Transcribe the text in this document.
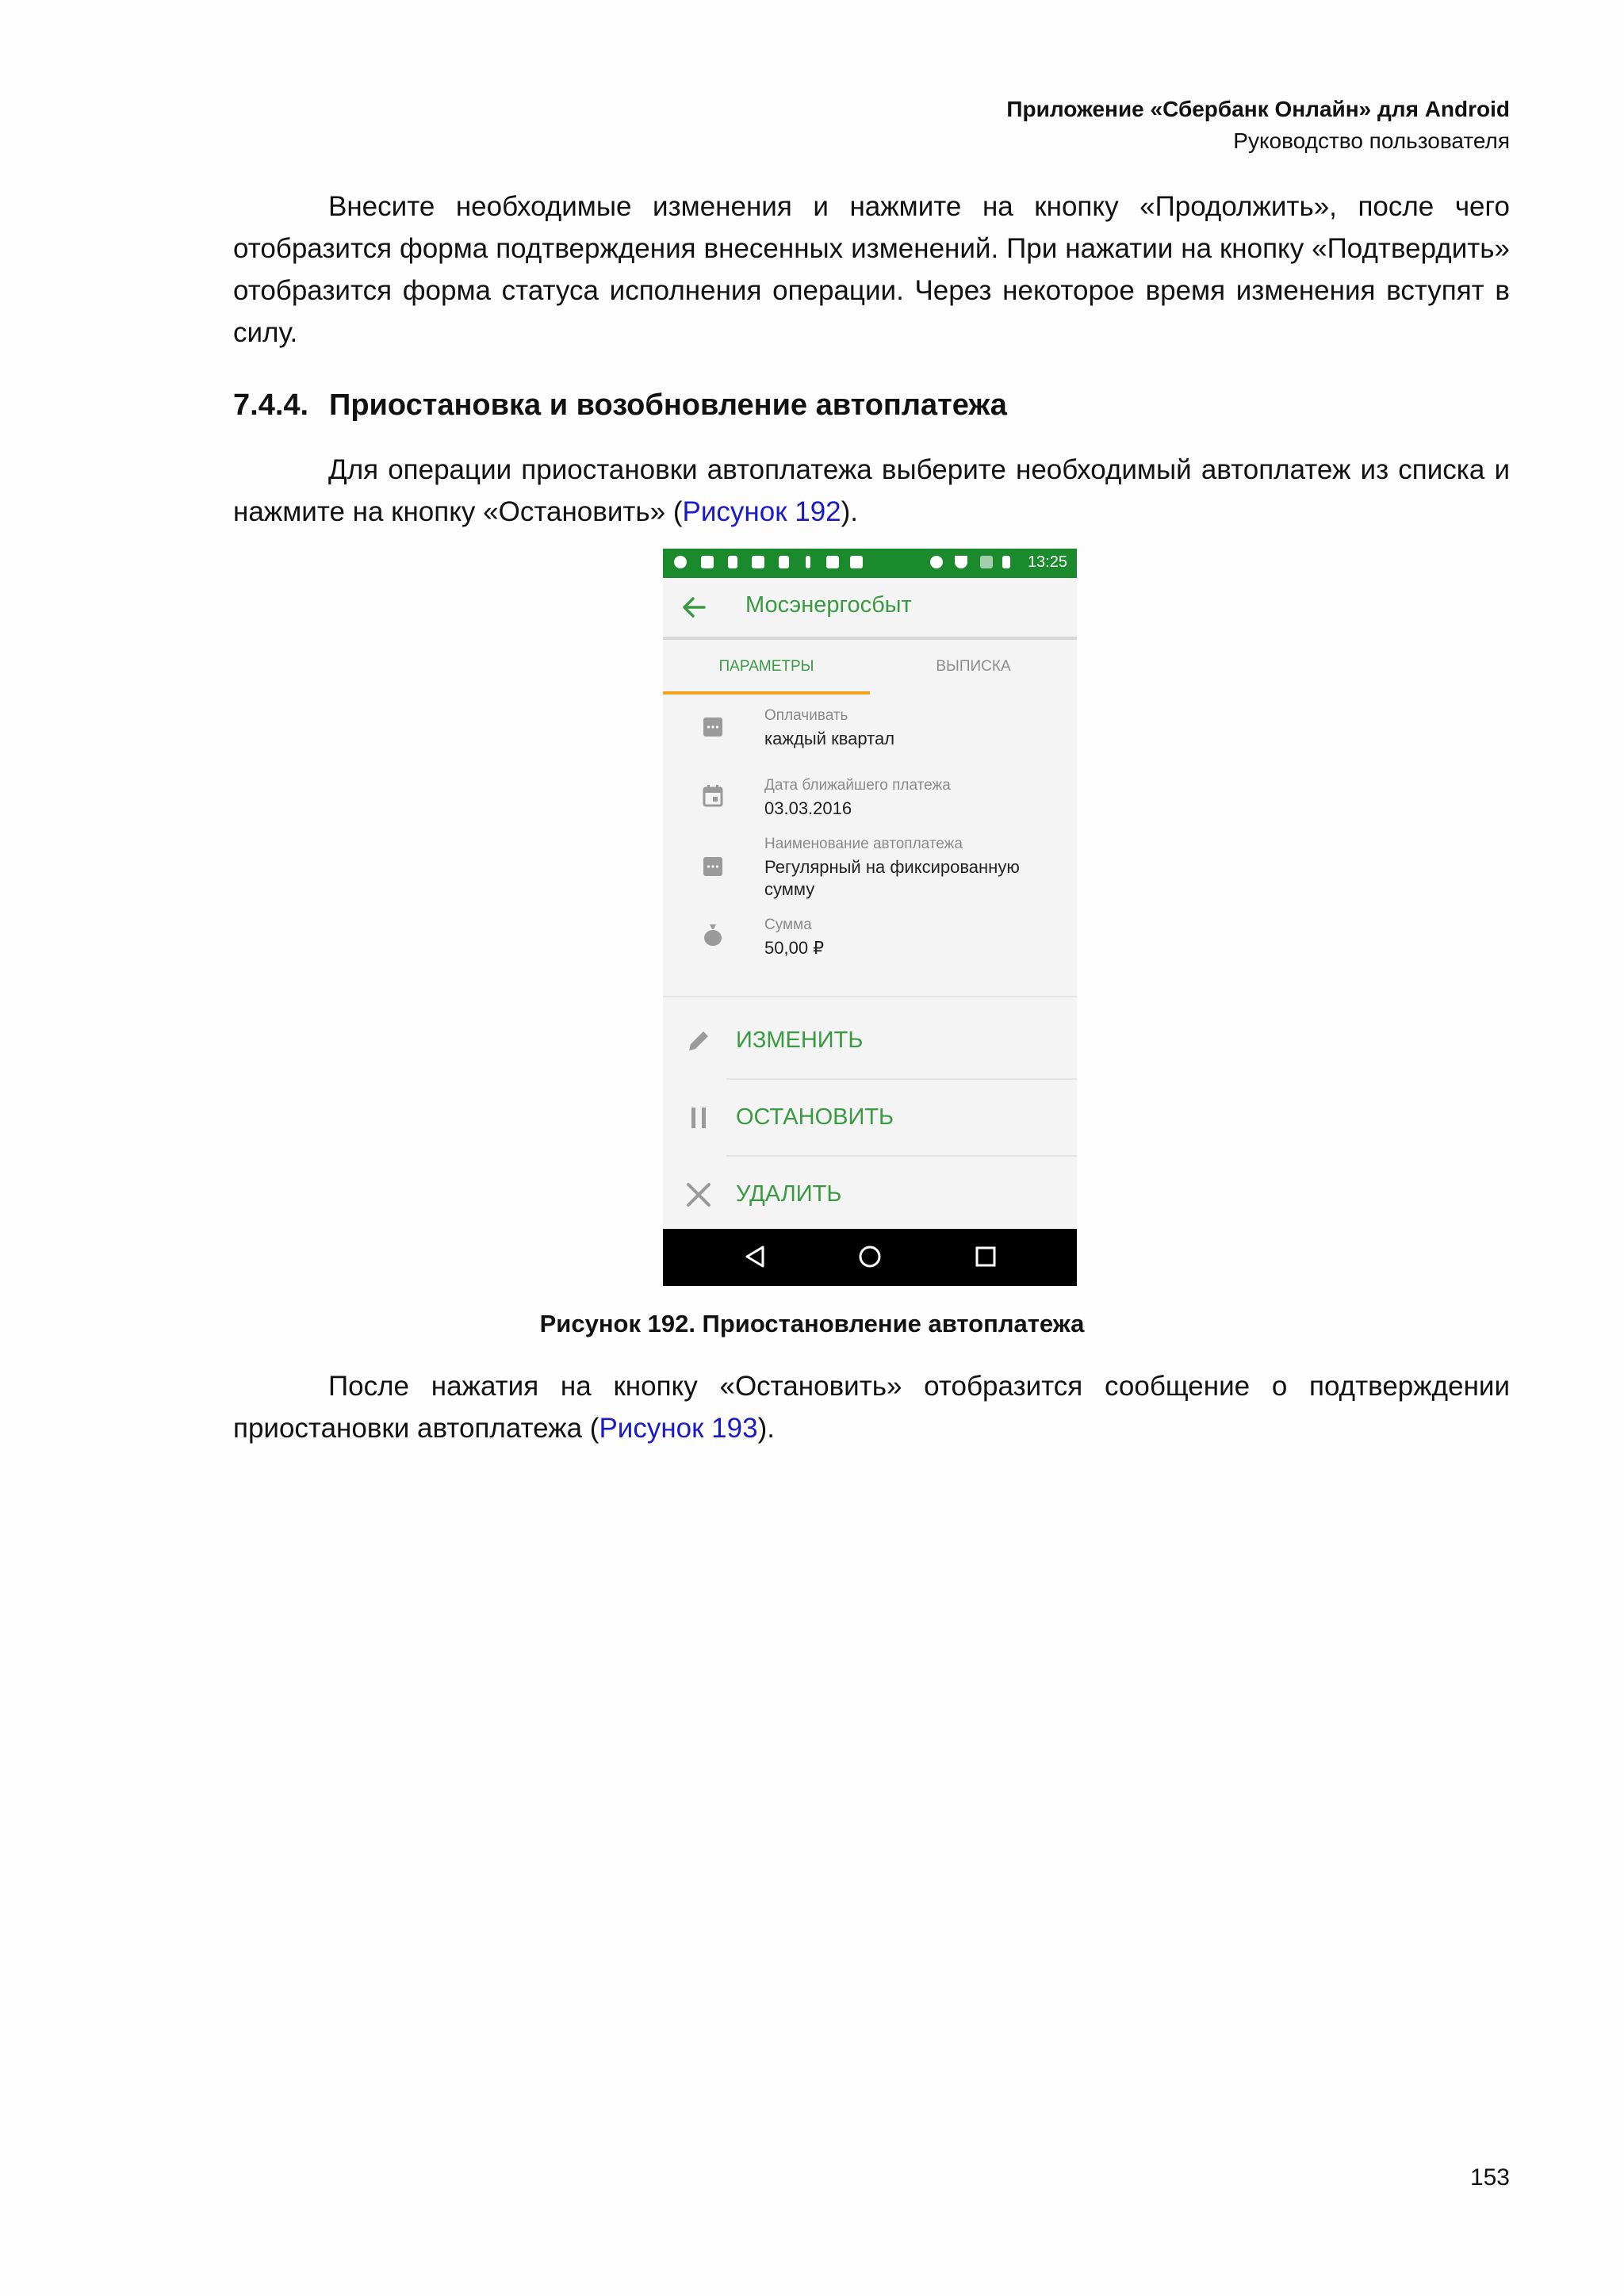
Приложение «Сбербанк Онлайн» для Android
Руководство пользователя

Внесите необходимые изменения и нажмите на кнопку «Продолжить», после чего отобразится форма подтверждения внесенных изменений. При нажатии на кнопку «Подтвердить» отобразится форма статуса исполнения операции. Через некоторое время изменения вступят в силу.

7.4.4. Приостановка и возобновление автоплатежа

Для операции приостановки автоплатежа выберите необходимый автоплатеж из списка и нажмите на кнопку «Остановить» (Рисунок 192).

13:25
Мосэнергосбыт
ПАРАМЕТРЫ	ВЫПИСКА
Оплачивать
каждый квартал
Дата ближайшего платежа
03.03.2016
Наименование автоплатежа
Регулярный на фиксированную сумму
Сумма
50,00 ₽
ИЗМЕНИТЬ
ОСТАНОВИТЬ
УДАЛИТЬ

Рисунок 192. Приостановление автоплатежа

После нажатия на кнопку «Остановить» отобразится сообщение о подтверждении приостановки автоплатежа (Рисунок 193).

153
